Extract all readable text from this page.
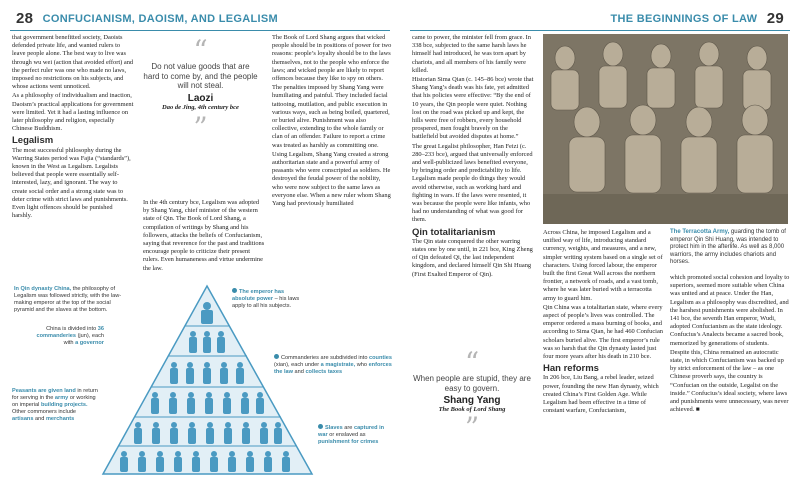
28 CONFUCIANISM, DAOISM, AND LEGALISM	THE BEGINNINGS OF LAW 29

that government benefitted society, Daoists defended private life, and wanted rulers to leave people alone. The best way to live was through wu wei (action that avoided effort) and the perfect ruler was one who made no laws, imposed no restrictions on his subjects, and whose actions went unnoticed.

As a philosophy of individualism and inaction, Daoism’s practical applications for government were limited. Yet it had a lasting influence on later philosophy and religion, especially Chinese Buddhism.

Legalism

The most successful philosophy during the Warring States period was Fajia (“standards”), known in the West as Legalism. Legalists believed that people were essentially self-interested, lazy, and ignorant. The way to create social order and a strong state was to deter crime with strict laws and punishments. Even light offences should be punished harshly.

“
Do not value goods that are hard to come by, and the people will not steal.
Laozi
Dao de Jing, 4th century bce
”

In the 4th century bce, Legalism was adopted by Shang Yang, chief minister of the western state of Qin. The Book of Lord Shang, a compilation of writings by Shang and his followers, attacks the beliefs of Confucianism, saying that reverence for the past and traditions encourage people to criticize their present rulers. Even humaneness and virtue undermine the law.

The Book of Lord Shang argues that wicked people should be in positions of power for two reasons: people’s loyalty should be to the laws themselves, not to the people who enforce the laws; and wicked people are likely to report offences because they like to spy on others.

The penalties imposed by Shang Yang were humiliating and painful. They included facial tattooing, mutilation, and public execution in various ways, such as being boiled, quartered, or buried alive. Punishment was also collective, extending to the whole family or clan of an offender. Failure to report a crime was treated as harshly as committing one.

Using Legalism, Shang Yang created a strong authoritarian state and a powerful army of peasants who were conscripted as soldiers. He destroyed the feudal power of the nobility, who were now subject to the same laws as everyone else. When a new ruler whom Shang Yang had previously humiliated

In Qin dynasty China, the philosophy of Legalism was followed strictly, with the law-making emperor at the top of the social pyramid and the slaves at the bottom.
The emperor has absolute power – his laws apply to all his subjects.
China is divided into 36 commanderies (jun), each with a governor
Commanderies are subdivided into counties (xian), each under a magistrate, who enforces the law and collects taxes
Peasants are given land in return for serving in the army or working on imperial building projects. Other commoners include artisans and merchants
Slaves are captured in war or enslaved as punishment for crimes

came to power, the minister fell from grace. In 338 bce, subjected to the same harsh laws he himself had introduced, he was torn apart by chariots, and all members of his family were killed.

Historian Sima Qian (c. 145–86 bce) wrote that Shang Yang’s death was his fate, yet admitted that his policies were effective: “By the end of 10 years, the Qin people were quiet. Nothing lost on the road was picked up and kept, the hills were free of robbers, every household prospered, men fought bravely on the battlefield but avoided disputes at home.”

The great Legalist philosopher, Han Feizi (c. 280–233 bce), argued that universally enforced and well-publicized laws benefited everyone, by bringing order and predictability to life. Legalism made people do things they would avoid otherwise, such as working hard and fighting in wars. If the laws were resented, it was because the people were like infants, who had no understanding of what was good for them.

Qin totalitarianism

The Qin state conquered the other warring states one by one until, in 221 bce, King Zheng of Qin defeated Qi, the last independent kingdom, and declared himself Qin Shi Huang (First Exalted Emperor of Qin).

“
When people are stupid, they are easy to govern.
Shang Yang
The Book of Lord Shang
”

Across China, he imposed Legalism and a unified way of life, introducing standard currency, weights, and measures, and a new, simpler writing system based on a single set of characters. Using forced labour, the emperor built the first Great Wall across the northern frontier, a network of roads, and a vast tomb, where he was later buried with a terracotta army to guard him.

Qin China was a totalitarian state, where every aspect of people’s lives was controlled. The emperor ordered a mass burning of books, and according to Sima Qian, he had 460 Confucian scholars buried alive. The first emperor’s rule was so harsh that the Qin dynasty lasted just four more years after his death in 210 bce.

Han reforms

In 206 bce, Liu Bang, a rebel leader, seized power, founding the new Han dynasty, which created China’s First Golden Age. While Legalism had been effective in a time of constant warfare, Confucianism,

The Terracotta Army, guarding the tomb of emperor Qin Shi Huang, was intended to protect him in the afterlife. As well as 8,000 warriors, the army includes chariots and horses.

which promoted social cohesion and loyalty to superiors, seemed more suitable when China was united and at peace. Under the Han, Legalism as a philosophy was discredited, and the harshest punishments were abolished. In 141 bce, the seventh Han emperor, Wudi, adopted Confucianism as the state ideology. Confucius’s Analects became a sacred book, memorized by generations of students.

Despite this, China remained an autocratic state, in which Confucianism was backed up by strict enforcement of the law – as one Chinese proverb says, the country is “Confucian on the outside, Legalist on the inside.” Confucius’s ideal society, where laws and punishments were unnecessary, was never achieved. ■
